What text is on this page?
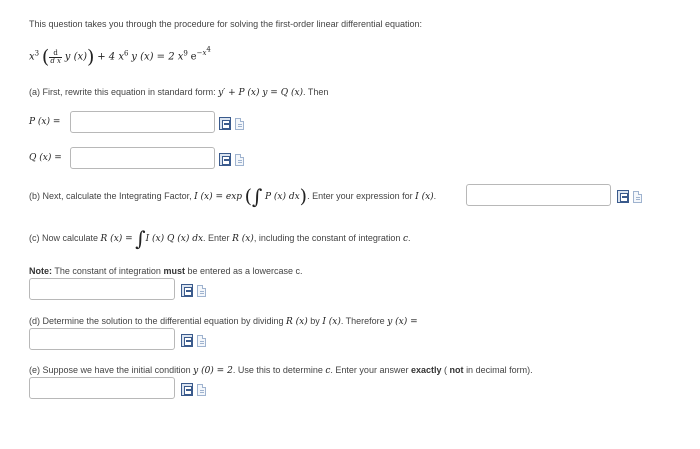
This question takes you through the procedure for solving the first-order linear differential equation:
$x^3$ ( $\frac{d}{\text{d x}}$ y (x)) + 4 $x^6$ y (x) = 2 $x^9$ $e^{-x^4}$
(a) First, rewrite this equation in standard form: y′ + P (x) y = Q (x). Then
P (x) =
Q (x) =
(b) Next, calculate the Integrating Factor, I (x) = exp (∫ P (x) dx). Enter your expression for I (x).
(c) Now calculate R (x) = ∫I (x) Q (x) dx. Enter R (x), including the constant of integration c.
Note: The constant of integration must be entered as a lowercase c.
(d) Determine the solution to the differential equation by dividing R (x) by I (x). Therefore y (x) =
(e) Suppose we have the initial condition y (0) = 2. Use this to determine c. Enter your answer exactly ( not in decimal form).
